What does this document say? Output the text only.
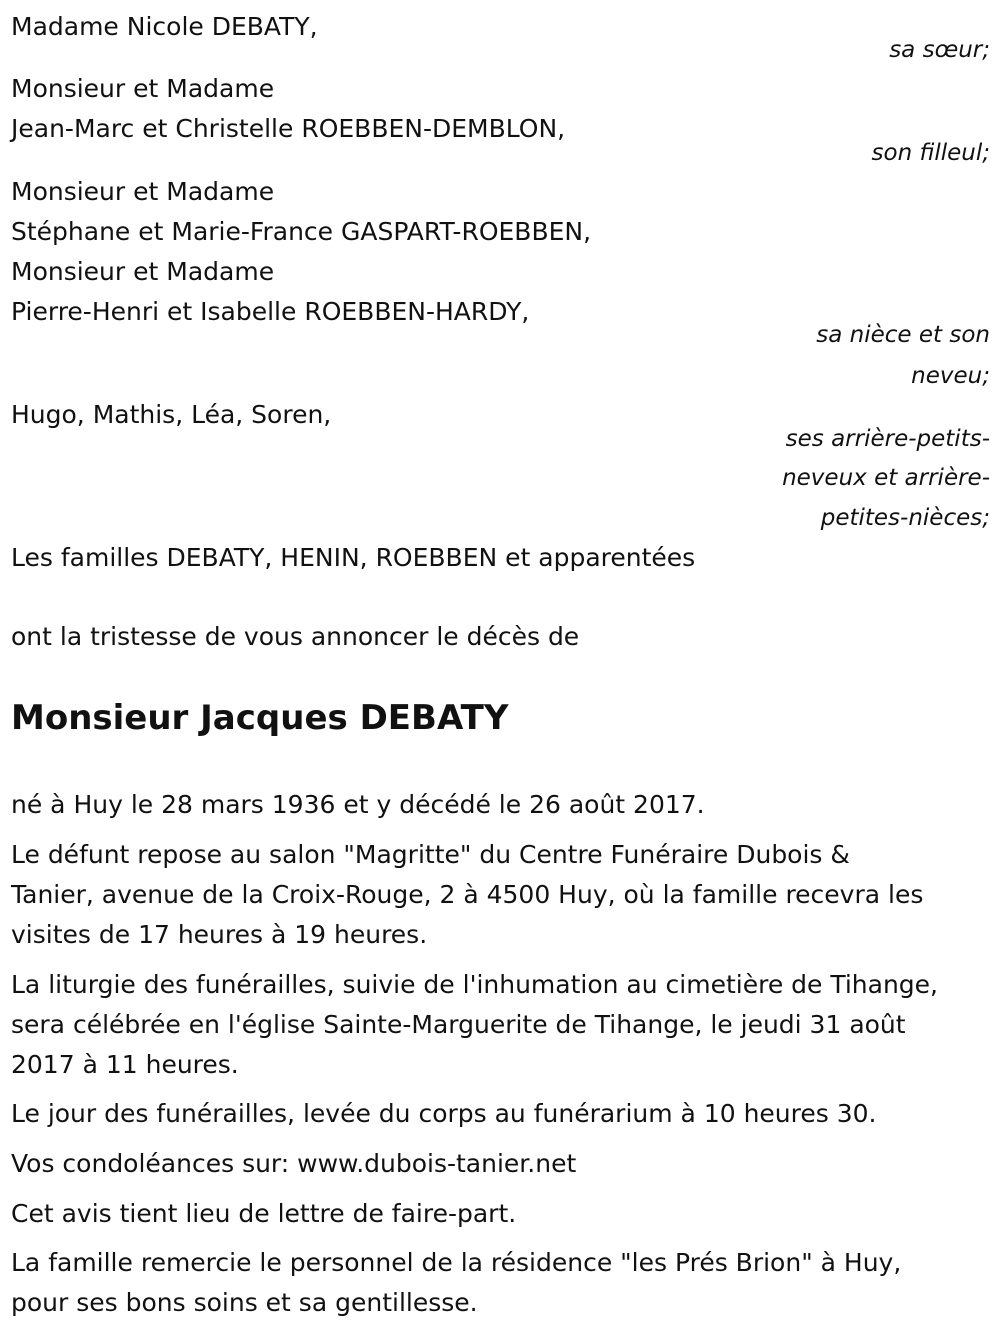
Madame Nicole DEBATY,
sa sœur;
Monsieur et Madame
Jean-Marc et Christelle ROEBBEN-DEMBLON,
son filleul;
Monsieur et Madame
Stéphane et Marie-France GASPART-ROEBBEN,
Monsieur et Madame
Pierre-Henri et Isabelle ROEBBEN-HARDY,
sa nièce et son
neveu;
Hugo, Mathis, Léa, Soren,
ses arrière-petits-
neveux et arrière-
petites-nièces;
Les familles DEBATY, HENIN, ROEBBEN et apparentées
ont la tristesse de vous annoncer le décès de
Monsieur Jacques DEBATY
né à Huy le 28 mars 1936 et y décédé le 26 août 2017.
Le défunt repose au salon "Magritte" du Centre Funéraire Dubois &
Tanier, avenue de la Croix-Rouge, 2 à 4500 Huy, où la famille recevra les
visites de 17 heures à 19 heures.
La liturgie des funérailles, suivie de l'inhumation au cimetière de Tihange,
sera célébrée en l'église Sainte-Marguerite de Tihange, le jeudi 31 août
2017 à 11 heures.
Le jour des funérailles, levée du corps au funérarium à 10 heures 30.
Vos condoléances sur: www.dubois-tanier.net
Cet avis tient lieu de lettre de faire-part.
La famille remercie le personnel de la résidence "les Prés Brion" à Huy,
pour ses bons soins et sa gentillesse.
